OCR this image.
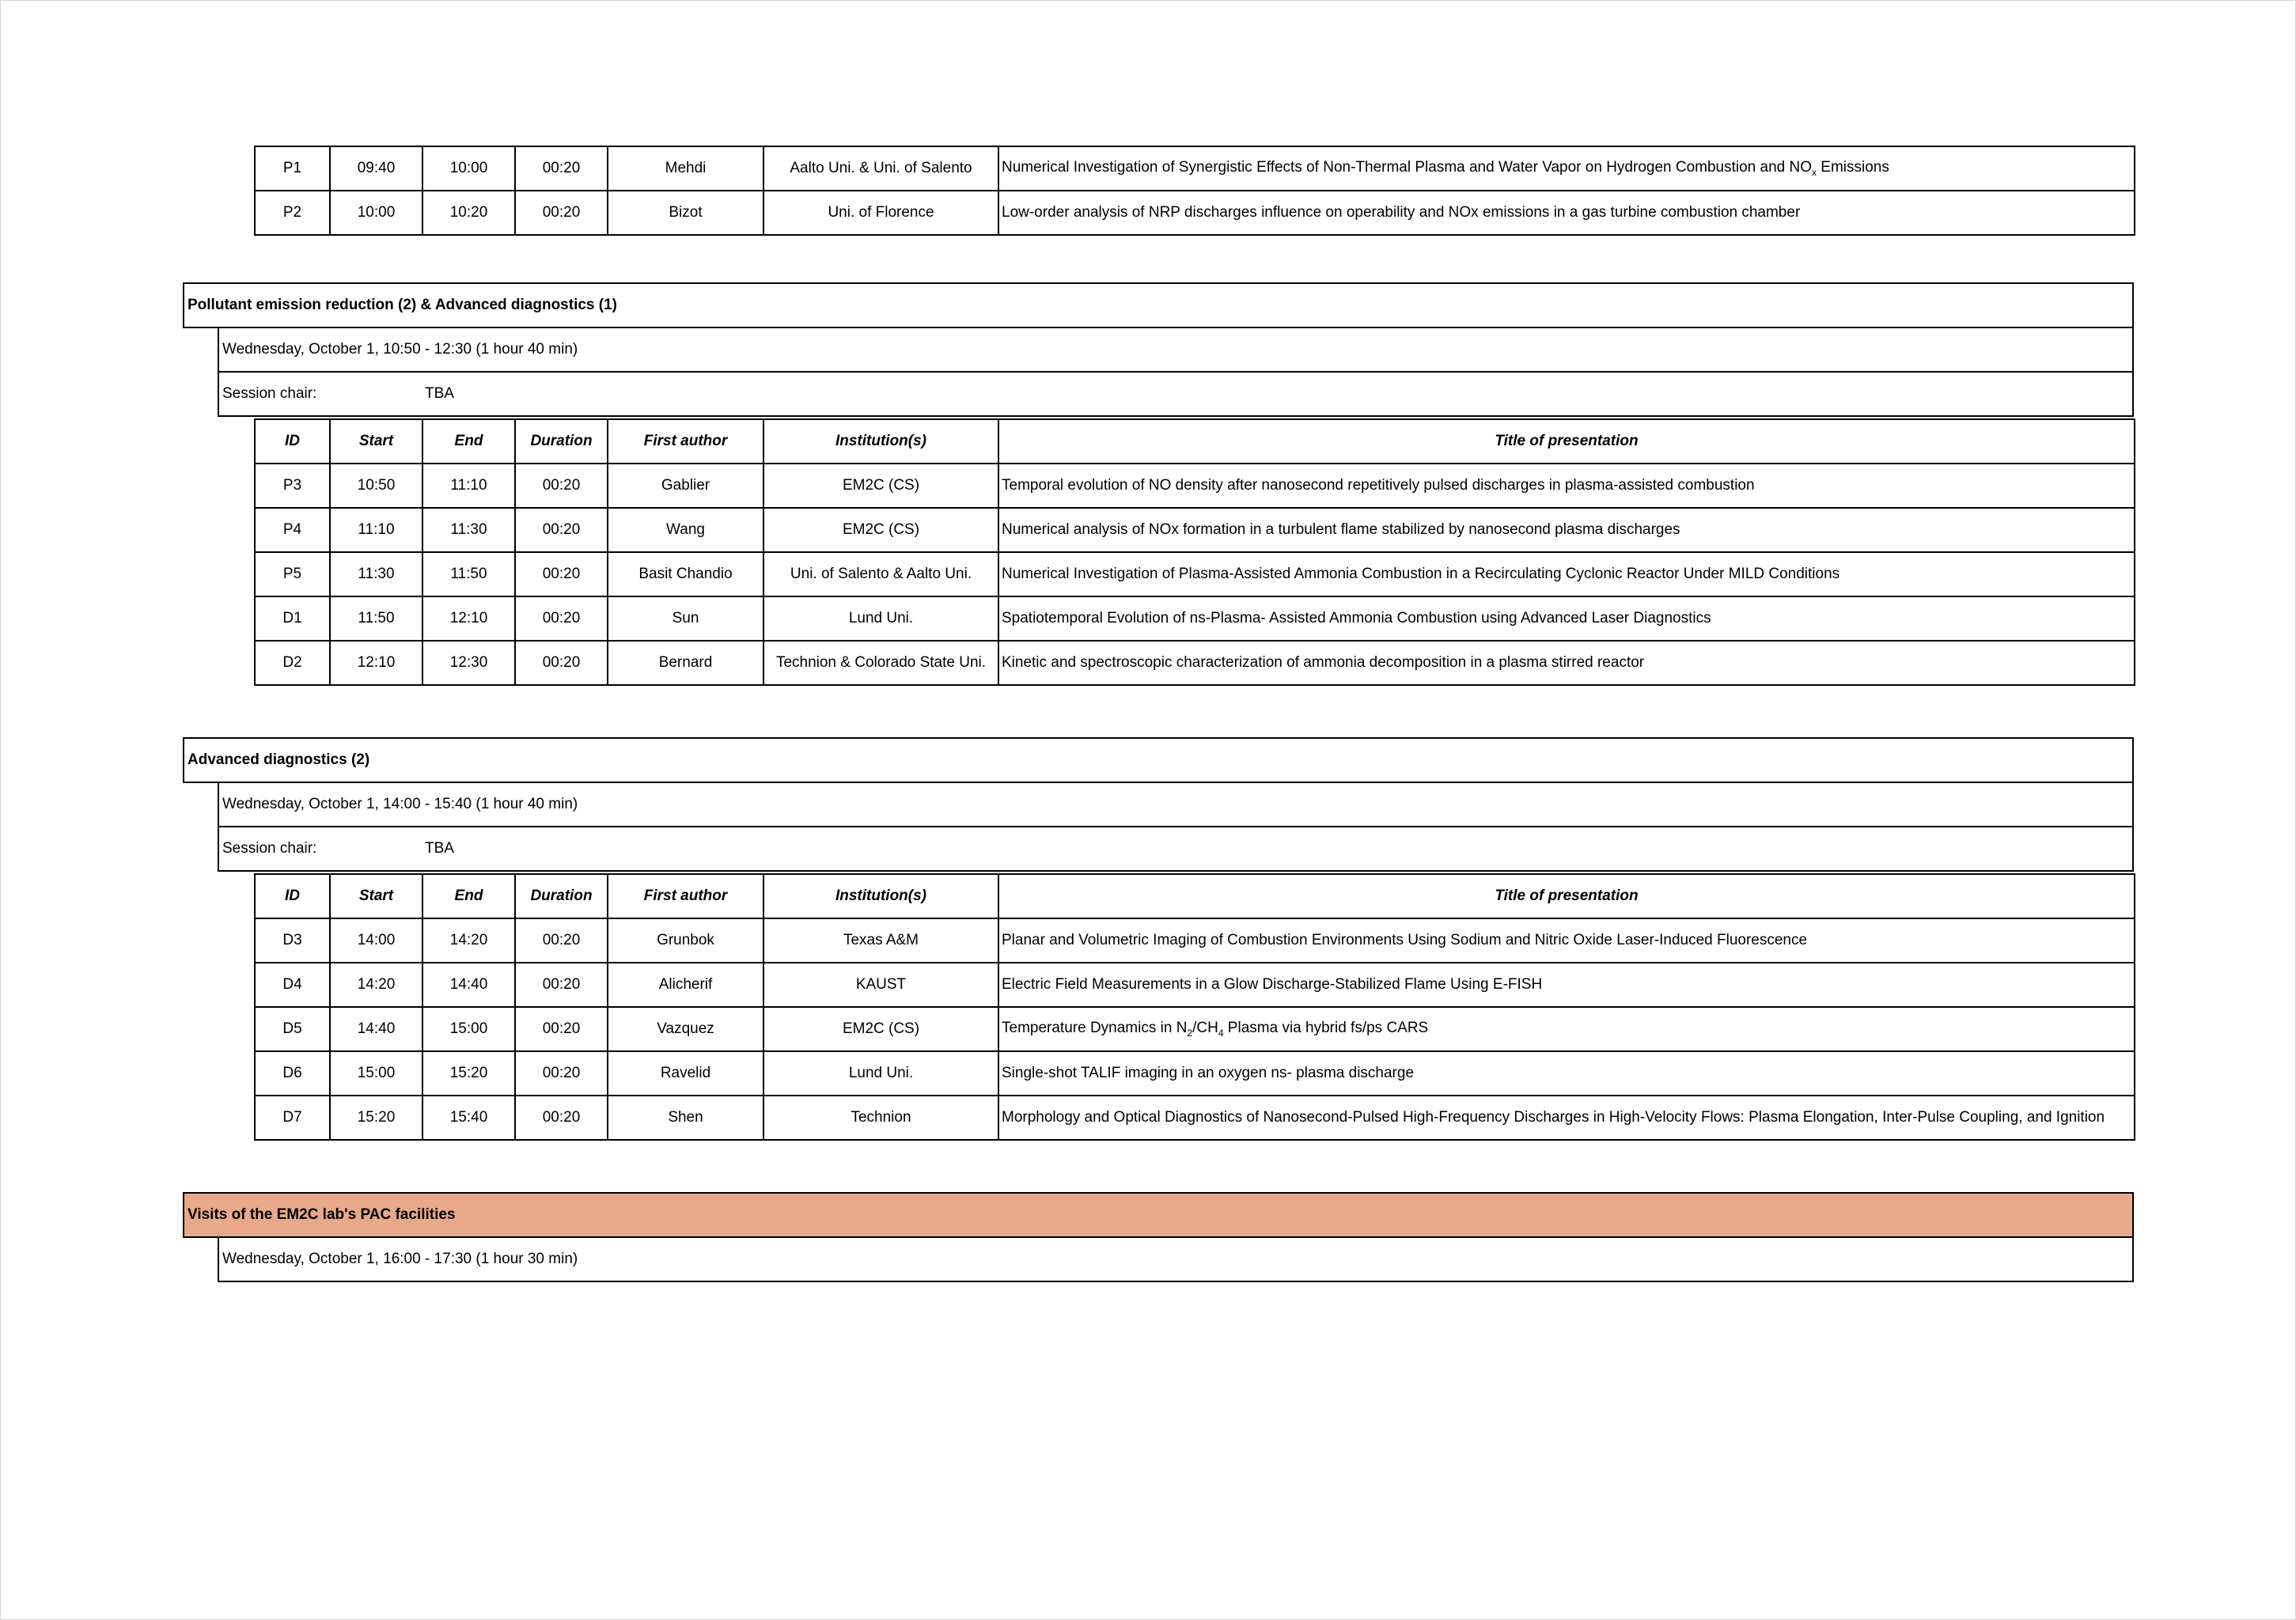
P1	09:40	10:00	00:20	Mehdi	Aalto Uni. & Uni. of Salento	Numerical Investigation of Synergistic Effects of Non-Thermal Plasma and Water Vapor on Hydrogen Combustion and $NO_x$ Emissions
P2	10:00	10:20	00:20	Bizot	Uni. of Florence	Low-order analysis of NRP discharges influence on operability and NOx emissions in a gas turbine combustion chamber
Pollutant emission reduction (2) & Advanced diagnostics (1)
Wednesday, October 1, 10:50 - 12:30 (1 hour 40 min)
Session chair:	TBA
ID	Start	End	Duration	First author	Institution(s)	Title of presentation
P3	10:50	11:10	00:20	Gablier	EM2C (CS)	Temporal evolution of NO density after nanosecond repetitively pulsed discharges in plasma-assisted combustion
P4	11:10	11:30	00:20	Wang	EM2C (CS)	Numerical analysis of NOx formation in a turbulent flame stabilized by nanosecond plasma discharges
P5	11:30	11:50	00:20	Basit Chandio	Uni. of Salento & Aalto Uni.	Numerical Investigation of Plasma-Assisted Ammonia Combustion in a Recirculating Cyclonic Reactor Under MILD Conditions
D1	11:50	12:10	00:20	Sun	Lund Uni.	Spatiotemporal Evolution of ns-Plasma- Assisted Ammonia Combustion using Advanced Laser Diagnostics
D2	12:10	12:30	00:20	Bernard	Technion & Colorado State Uni.	Kinetic and spectroscopic characterization of ammonia decomposition in a plasma stirred reactor
Advanced diagnostics (2)
Wednesday, October 1, 14:00 - 15:40 (1 hour 40 min)
Session chair:	TBA
ID	Start	End	Duration	First author	Institution(s)	Title of presentation
D3	14:00	14:20	00:20	Grunbok	Texas A&M	Planar and Volumetric Imaging of Combustion Environments Using Sodium and Nitric Oxide Laser-Induced Fluorescence
D4	14:20	14:40	00:20	Alicherif	KAUST	Electric Field Measurements in a Glow Discharge-Stabilized Flame Using E-FISH
D5	14:40	15:00	00:20	Vazquez	EM2C (CS)	Temperature Dynamics in $N_2/CH_4$ Plasma via hybrid fs/ps CARS
D6	15:00	15:20	00:20	Ravelid	Lund Uni.	Single-shot TALIF imaging in an oxygen ns- plasma discharge
D7	15:20	15:40	00:20	Shen	Technion	Morphology and Optical Diagnostics of Nanosecond-Pulsed High-Frequency Discharges in High-Velocity Flows: Plasma Elongation, Inter-Pulse Coupling, and Ignition
Visits of the EM2C lab's PAC facilities
Wednesday, October 1, 16:00 - 17:30 (1 hour 30 min)
